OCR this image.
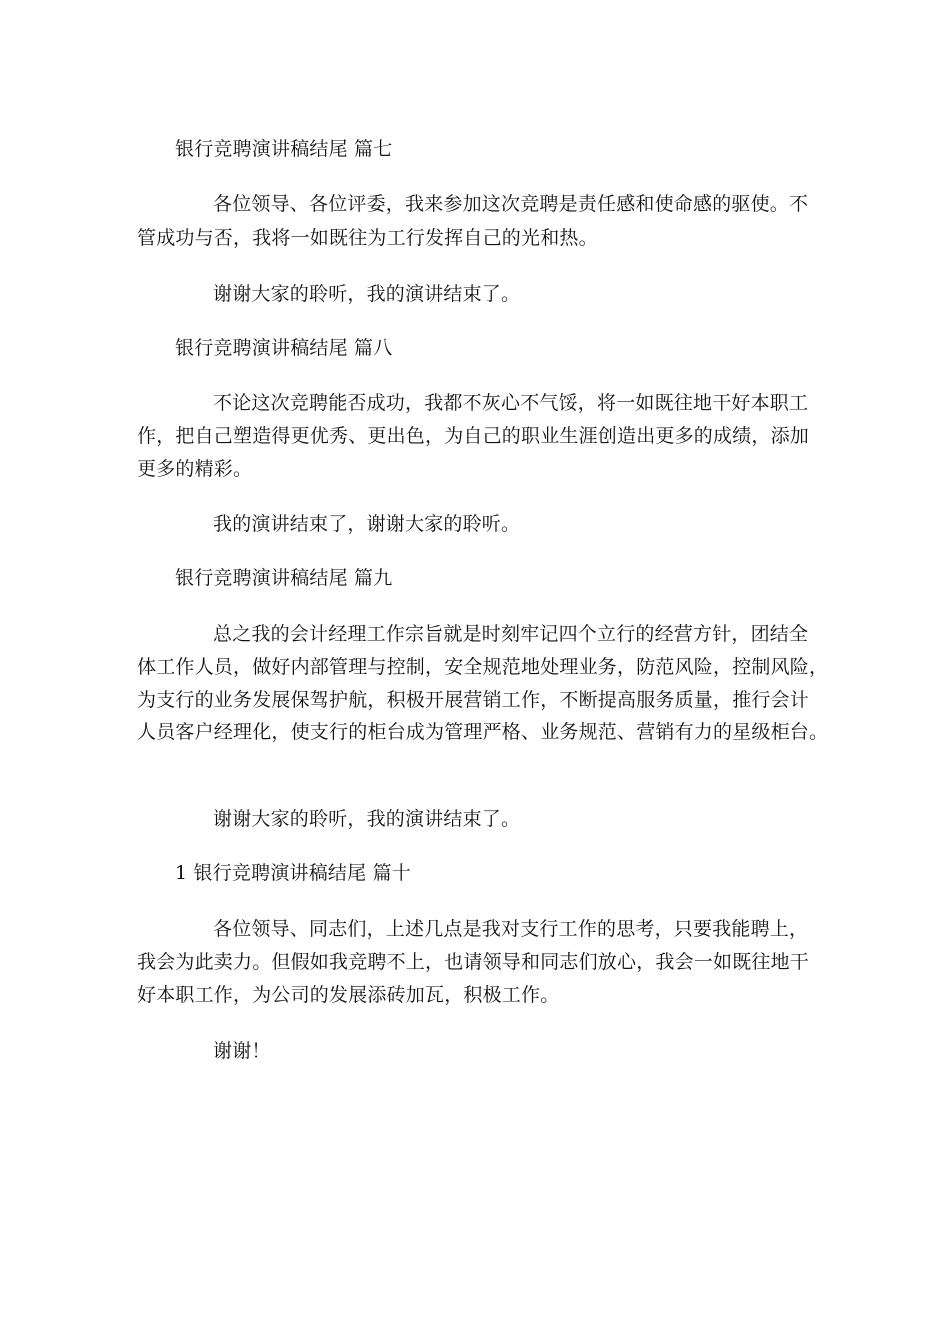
银行竞聘演讲稿结尾 篇七
各位领导、各位评委，我来参加这次竞聘是责任感和使命感的驱使。不
管成功与否，我将一如既往为工行发挥自己的光和热。
谢谢大家的聆听，我的演讲结束了。
银行竞聘演讲稿结尾 篇八
不论这次竞聘能否成功，我都不灰心不气馁，将一如既往地干好本职工
作，把自己塑造得更优秀、更出色，为自己的职业生涯创造出更多的成绩，添加
更多的精彩。
我的演讲结束了，谢谢大家的聆听。
银行竞聘演讲稿结尾 篇九
总之我的会计经理工作宗旨就是时刻牢记四个立行的经营方针，团结全
体工作人员，做好内部管理与控制，安全规范地处理业务，防范风险，控制风险，
为支行的业务发展保驾护航，积极开展营销工作，不断提高服务质量，推行会计
人员客户经理化，使支行的柜台成为管理严格、业务规范、营销有力的星级柜台。
谢谢大家的聆听，我的演讲结束了。
1 银行竞聘演讲稿结尾 篇十
各位领导、同志们，上述几点是我对支行工作的思考，只要我能聘上，
我会为此卖力。但假如我竞聘不上，也请领导和同志们放心，我会一如既往地干
好本职工作，为公司的发展添砖加瓦，积极工作。
谢谢！
